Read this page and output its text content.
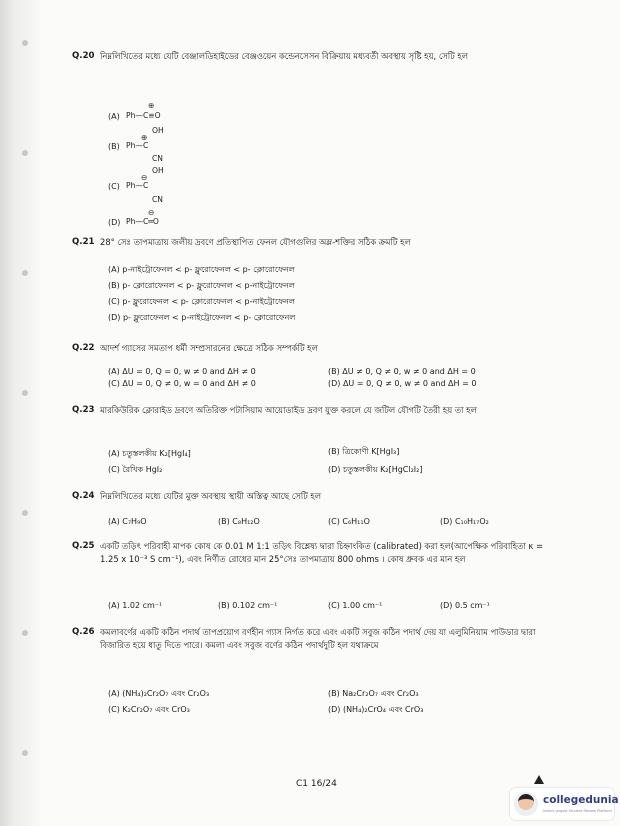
Q.20 নিম্নলিখিতের মধ্যে যেটি বেঞ্জালডিহাইডের বেঞ্জওয়েন কন্ডেনসেসন বিক্রিয়ায় মধ্যবর্তী অবস্থায় সৃষ্টি হয়, সেটি হল
(A) Ph—C≡O
⊕
(B) Ph—C
⊕
OH
CN
(C) Ph—C
⊖
OH
CN
(D) Ph—C═O
⊖
Q.21 28° সেঃ তাপমাত্রায় জলীয় দ্রবণে প্রতিস্থাপিত ফেনল যৌগগুলির অম্ল-শক্তির সঠিক ক্রমটি হল
(A) p-নাইট্রোফেনল < p- ফ্লুরোফেনল < p- ক্লোরোফেনল
(B) p- ক্লোরোফেনল < p- ফ্লুরোফেনল < p-নাইট্রোফেনল
(C) p- ফ্লুরোফেনল < p- ক্লোরোফেনল < p-নাইট্রোফেনল
(D) p- ফ্লুরোফেনল < p-নাইট্রোফেনল < p- ক্লোরোফেনল
Q.22 আদর্শ গ্যাসের সমতাপ ধর্মী সম্প্রসারনের ক্ষেত্রে সঠিক সম্পর্কটি হল
(A) ΔU = 0, Q = 0, w ≠ 0 and ΔH ≠ 0	(B) ΔU ≠ 0, Q ≠ 0, w ≠ 0 and ΔH = 0
(C) ΔU = 0, Q ≠ 0, w = 0 and ΔH ≠ 0	(D) ΔU = 0, Q ≠ 0, w ≠ 0 and ΔH = 0
Q.23 মারকিউরিক ক্লোরাইড দ্রবণে অতিরিক্ত পটাসিয়াম আয়োডাইড দ্রবণ যুক্ত করলে যে জটিল যৌগটি তৈরী হয় তা হল
(A) চতুস্তলকীয় K₂[HgI₄]	(B) ত্রিকোণী K[HgI₃]
(C) রৈখিক HgI₂	(D) চতুস্তলকীয় K₂[HgCl₂I₂]
Q.24 নিম্নলিখিতের মধ্যে যেটির মুক্ত অবস্থায় স্থায়ী অস্তিত্ব আছে সেটি হল
(A) C₇H₉O	(B) C₈H₁₂O	(C) C₆H₁₁O	(D) C₁₀H₁₇O₂
Q.25 একটি তড়িৎ পরিবাহী মাপক কোষ কে 0.01 M 1:1 তড়িৎ বিশ্লেষ্য দ্বারা চিহ্নাংকিত (calibrated) করা হল(আপেক্ষিক পরিবাহিতা κ = 1.25 x 10⁻³ S cm⁻¹), এবং নির্ণীত রোধের মান 25°সেঃ তাপমাত্রায় 800 ohms । কোষ ধ্রুবক এর মান হল
(A) 1.02 cm⁻¹	(B) 0.102 cm⁻¹	(C) 1.00 cm⁻¹	(D) 0.5 cm⁻¹
Q.26 কমলাবর্ণের একটি কঠিন পদার্থ তাপপ্রয়োগ বর্ণহীন গ্যাস নির্গত করে এবং একটি সবুজ কঠিন পদার্থ দেয় যা এলুমিনিয়াম পাউডার দ্বারা বিজারিত হয়ে ধাতু দিতে পারে। কমলা এবং সবুজ বর্ণের কঠিন পদার্থদুটি হল যথাক্রমে
(A) (NH₄)₂Cr₂O₇ এবং Cr₂O₃	(B) Na₂Cr₂O₇ এবং Cr₂O₃
(C) K₂Cr₂O₇ এবং CrO₃	(D) (NH₄)₂CrO₄ এবং CrO₃
C1 16/24
collegedunia
India's largest Student Review Platform
